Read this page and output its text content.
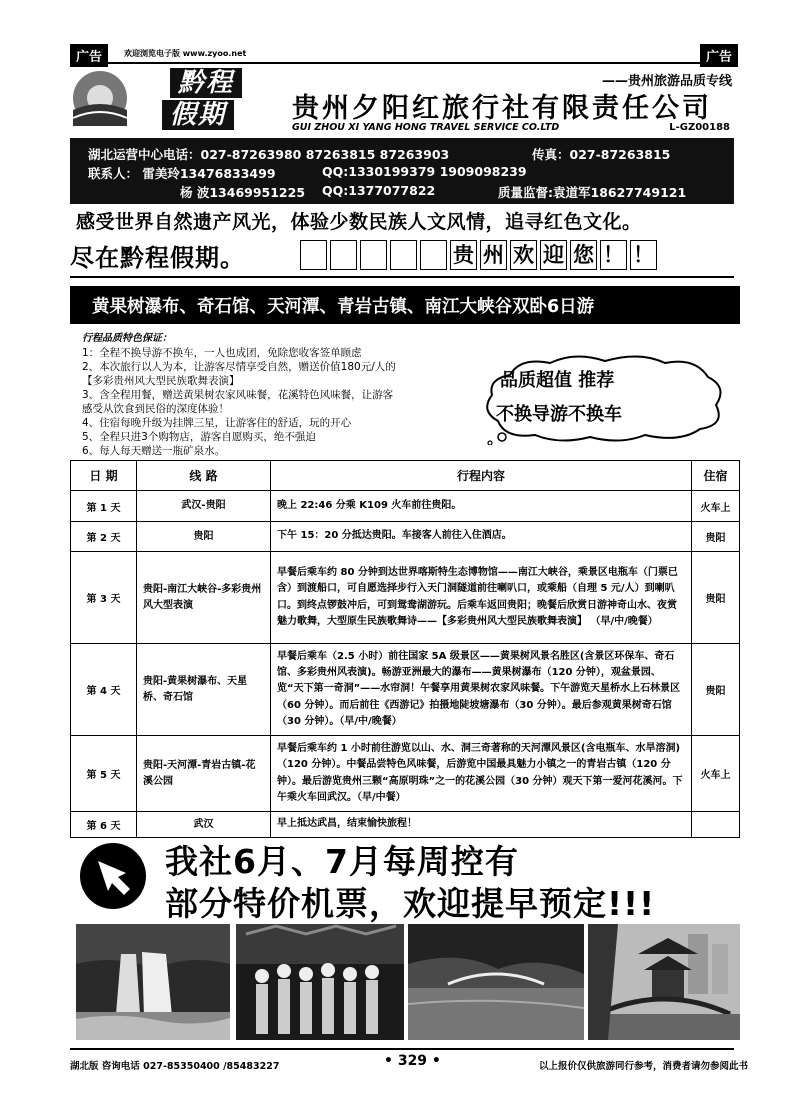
广告	欢迎浏览电子版 www.zyoo.net	广告
黔程
假期
——贵州旅游品质专线
贵州夕阳红旅行社有限责任公司
GUI ZHOU XI YANG HONG TRAVEL SERVICE CO.LTD	L-GZ00188
湖北运营中心电话：027-87263980 87263815 87263903	传真：027-87263815
联系人： 雷美玲13476833499	QQ:1330199379 1909098239
杨 波13469951225 QQ:1377077822	质量监督:袁道军18627749121
感受世界自然遗产风光，体验少数民族人文风情，追寻红色文化。
尽在黔程假期。	贵 州 欢 迎 您 ！ ！
黄果树瀑布、奇石馆、天河潭、青岩古镇、南江大峡谷双卧6日游
行程品质特色保证：
1：全程不换导游不换车，一人也成团，免除您收客签单顾虑
2、本次旅行以人为本，让游客尽情享受自然，赠送价值180元/人的
【多彩贵州风大型民族歌舞表演】
3、含全程用餐，赠送黄果树农家风味餐，花溪特色风味餐，让游客
感受从饮食到民俗的深度体验！
4、住宿每晚升级为挂牌三星，让游客住的舒适，玩的开心
5、全程只进3个购物店，游客自愿购买，绝不强迫
6、每人每天赠送一瓶矿泉水。
品质超值 推荐
不换导游不换车
日 期	线 路	行程内容	住宿
第 1 天	武汉-贵阳	晚上 22:46 分乘 K109 火车前往贵阳。	火车上
第 2 天	贵阳	下午 15：20 分抵达贵阳。车接客人前往入住酒店。	贵阳
第 3 天	贵阳-南江大峡谷-多彩贵州风大型表演	早餐后乘车约 80 分钟到达世界喀斯特生态博物馆——南江大峡谷，乘景区电瓶车（门票已含）到渡船口，可自愿选择步行入天门洞隧道前往喇叭口，或乘船（自理 5 元/人）到喇叭口。到终点锣鼓冲后，可到鸳鸯湖游玩。后乘车返回贵阳；晚餐后欣赏日游神奇山水、夜赏魅力歌舞，大型原生民族歌舞诗——【多彩贵州风大型民族歌舞表演】 （早/中/晚餐）	贵阳
第 4 天	贵阳-黄果树瀑布、天星桥、奇石馆	早餐后乘车（2.5 小时）前往国家 5A 级景区——黄果树风景名胜区(含景区环保车、奇石馆、多彩贵州风表演)。畅游亚洲最大的瀑布——黄果树瀑布（120 分钟），观盆景园、览“天下第一奇洞”——水帘洞！午餐享用黄果树农家风味餐。下午游览天星桥水上石林景区（60 分钟）。而后前往《西游记》拍摄地陡坡塘瀑布（30 分钟）。最后参观黄果树奇石馆（30 分钟）。（早/中/晚餐）	贵阳
第 5 天	贵阳-天河潭-青岩古镇-花溪公园	早餐后乘车约 1 小时前往游览以山、水、洞三奇著称的天河潭风景区(含电瓶车、水旱溶洞)（120 分钟）。中餐品尝特色风味餐，后游览中国最具魅力小镇之一的青岩古镇（120 分钟）。最后游览贵州三颗“高原明珠”之一的花溪公园（30 分钟）观天下第一爱河花溪河。下午乘火车回武汉。（早/中餐）	火车上
第 6 天	武汉	早上抵达武昌，结束愉快旅程！	
我社6月、7月每周控有
部分特价机票，欢迎提早预定!!!
湖北版 咨询电话 027-85350400 /85483227	• 329 •	以上报价仅供旅游同行参考，消费者请勿参阅此书
